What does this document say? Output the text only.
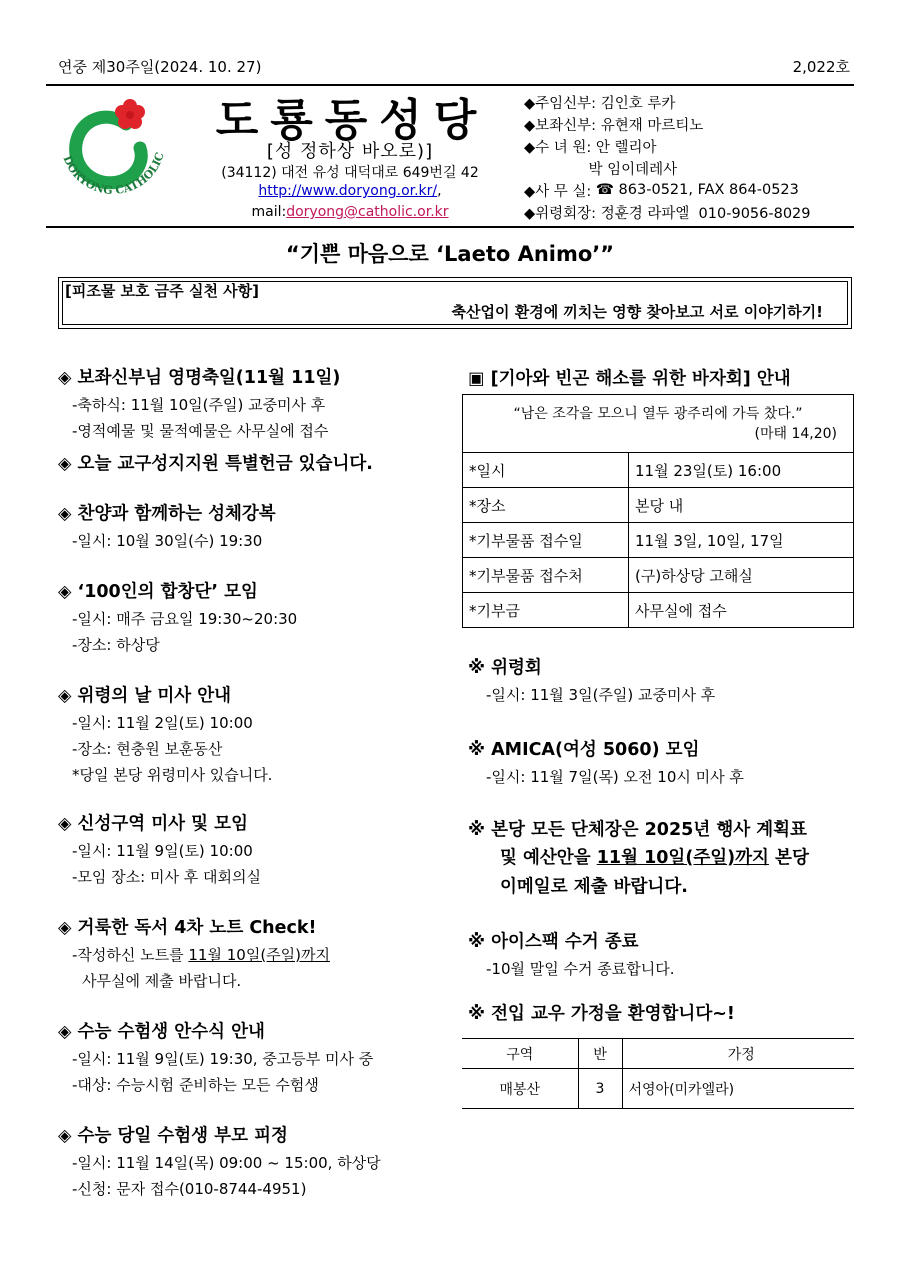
연중 제30주일(2024. 10. 27)	2,022호
DORYONG CATHOLIC
도룡동성당
[성 정하상 바오로)]
(34112) 대전 유성 대덕대로 649번길 42
http://www.doryong.or.kr/,
mail:doryong@catholic.or.kr
◆주임신부: 김인호 루카
◆보좌신부: 유현재 마르티노
◆수 녀 원: 안 렐리아
박 임이데레사
◆사 무 실: ☎ 863-0521, FAX 864-0523
◆위령회장: 정훈경 라파엘  010-9056-8029
“기쁜 마음으로 ‘Laeto Animo’”
[피조물 보호 금주 실천 사항]
축산업이 환경에 끼치는 영향 찾아보고 서로 이야기하기!
◈ 보좌신부님 영명축일(11월 11일)
-축하식: 11월 10일(주일) 교중미사 후
-영적예물 및 물적예물은 사무실에 접수
◈ 오늘 교구성지지원 특별헌금 있습니다.
◈ 찬양과 함께하는 성체강복
-일시: 10월 30일(수) 19:30
◈ ‘100인의 합창단’ 모임
-일시: 매주 금요일 19:30~20:30
-장소: 하상당
◈ 위령의 날 미사 안내
-일시: 11월 2일(토) 10:00
-장소: 현충원 보훈동산
*당일 본당 위령미사 있습니다.
◈ 신성구역 미사 및 모임
-일시: 11월 9일(토) 10:00
-모임 장소: 미사 후 대회의실
◈ 거룩한 독서 4차 노트 Check!
-작성하신 노트를 11월 10일(주일)까지
사무실에 제출 바랍니다.
◈ 수능 수험생 안수식 안내
-일시: 11월 9일(토) 19:30, 중고등부 미사 중
-대상: 수능시험 준비하는 모든 수험생
◈ 수능 당일 수험생 부모 피정
-일시: 11월 14일(목) 09:00 ~ 15:00, 하상당
-신청: 문자 접수(010-8744-4951)
▣ [기아와 빈곤 해소를 위한 바자회] 안내
“남은 조각을 모으니 열두 광주리에 가득 찼다.”
(마태 14,20)	

*일시	11월 23일(토) 16:00
*장소	본당 내
*기부물품 접수일	11월 3일, 10일, 17일
*기부물품 접수처	(구)하상당 고해실
*기부금	사무실에 접수
※ 위령회
-일시: 11월 3일(주일) 교중미사 후
※ AMICA(여성 5060) 모임
-일시: 11월 7일(목) 오전 10시 미사 후
※ 본당 모든 단체장은 2025년 행사 계획표
및 예산안을 11월 10일(주일)까지 본당
이메일로 제출 바랍니다.
※ 아이스팩 수거 종료
-10월 말일 수거 종료합니다.
※ 전입 교우 가정을 환영합니다~!
구역	반	가정
매봉산	3	서영아(미카엘라)
